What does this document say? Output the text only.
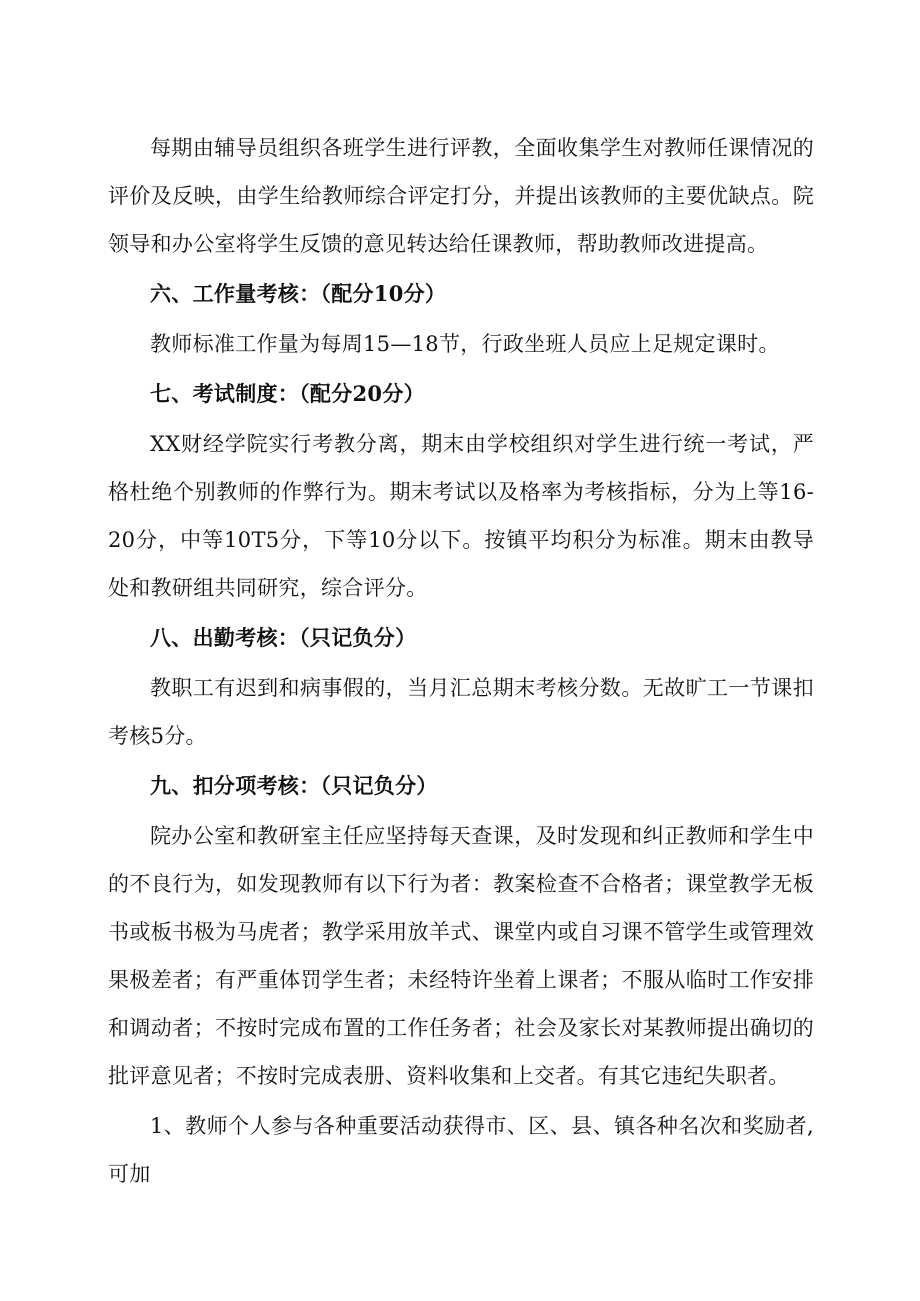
每期由辅导员组织各班学生进行评教，全面收集学生对教师任课情况的评价及反映，由学生给教师综合评定打分，并提出该教师的主要优缺点。院领导和办公室将学生反馈的意见转达给任课教师，帮助教师改进提高。

六、工作量考核：（配分10分）

教师标准工作量为每周15—18节，行政坐班人员应上足规定课时。

七、考试制度：（配分20分）

XX财经学院实行考教分离，期末由学校组织对学生进行统一考试，严格杜绝个别教师的作弊行为。期末考试以及格率为考核指标，分为上等16-20分，中等10T5分，下等10分以下。按镇平均积分为标准。期末由教导处和教研组共同研究，综合评分。

八、出勤考核：（只记负分）

教职工有迟到和病事假的，当月汇总期末考核分数。无故旷工一节课扣考核5分。

九、扣分项考核：（只记负分）

院办公室和教研室主任应坚持每天查课，及时发现和纠正教师和学生中的不良行为，如发现教师有以下行为者：教案检查不合格者；课堂教学无板书或板书极为马虎者；教学采用放羊式、课堂内或自习课不管学生或管理效果极差者；有严重体罚学生者；未经特许坐着上课者；不服从临时工作安排和调动者；不按时完成布置的工作任务者；社会及家长对某教师提出确切的批评意见者；不按时完成表册、资料收集和上交者。有其它违纪失职者。

1、教师个人参与各种重要活动获得市、区、县、镇各种名次和奖励者,可加
